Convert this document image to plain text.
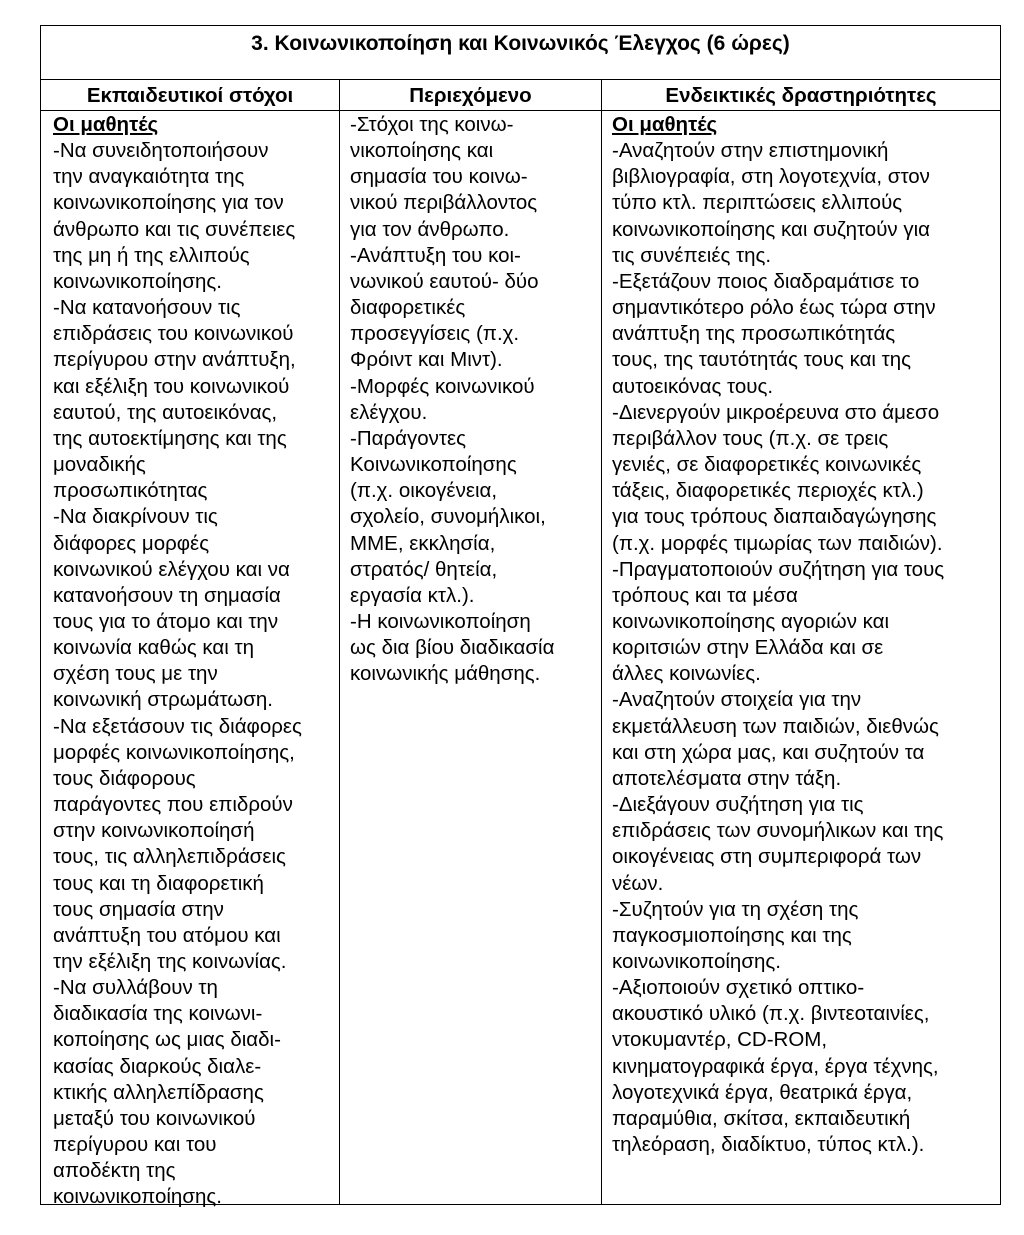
3. Κοινωνικοποίηση και Κοινωνικός Έλεγχος (6 ώρες)
Εκπαιδευτικοί στόχοι
Οι μαθητές
-Να συνειδητοποιήσουν
την αναγκαιότητα της
κοινωνικοποίησης για τον
άνθρωπο και τις συνέπειες
της μη ή της ελλιπούς
κοινωνικοποίησης.
-Να κατανοήσουν τις
επιδράσεις του κοινωνικού
περίγυρου στην ανάπτυξη,
και εξέλιξη του κοινωνικού
εαυτού, της αυτοεικόνας,
της αυτοεκτίμησης και της
μοναδικής
προσωπικότητας
-Να διακρίνουν τις
διάφορες μορφές
κοινωνικού ελέγχου και να
κατανοήσουν τη σημασία
τους για το άτομο και την
κοινωνία καθώς και τη
σχέση τους με την
κοινωνική στρωμάτωση.
-Να εξετάσουν τις διάφορες
μορφές κοινωνικοποίησης,
τους διάφορους
παράγοντες που επιδρούν
στην κοινωνικοποίησή
τους, τις αλληλεπιδράσεις
τους και τη διαφορετική
τους σημασία στην
ανάπτυξη του ατόμου και
την εξέλιξη της κοινωνίας.
-Να συλλάβουν τη
διαδικασία της κοινωνι-
κοποίησης ως μιας διαδι-
κασίας διαρκούς διαλε-
κτικής αλληλεπίδρασης
μεταξύ του κοινωνικού
περίγυρου και του
αποδέκτη της
κοινωνικοποίησης.
Περιεχόμενο
-Στόχοι της κοινω-
νικοποίησης και
σημασία του κοινω-
νικού περιβάλλοντος
για τον άνθρωπο.
-Ανάπτυξη του κοι-
νωνικού εαυτού- δύο
διαφορετικές
προσεγγίσεις (π.χ.
Φρόιντ και Μιντ).
-Μορφές κοινωνικού
ελέγχου.
-Παράγοντες
Κοινωνικοποίησης
(π.χ. οικογένεια,
σχολείο, συνομήλικοι,
ΜΜΕ, εκκλησία,
στρατός/ θητεία,
εργασία κτλ.).
-Η κοινωνικοποίηση
ως δια βίου διαδικασία
κοινωνικής μάθησης.
Ενδεικτικές δραστηριότητες
Οι μαθητές
-Αναζητούν στην επιστημονική
βιβλιογραφία, στη λογοτεχνία, στον
τύπο κτλ. περιπτώσεις ελλιπούς
κοινωνικοποίησης και συζητούν για
τις συνέπειές της.
-Εξετάζουν ποιος διαδραμάτισε το
σημαντικότερο ρόλο έως τώρα στην
ανάπτυξη της προσωπικότητάς
τους, της ταυτότητάς τους και της
αυτοεικόνας τους.
-Διενεργούν μικροέρευνα στο άμεσο
περιβάλλον τους (π.χ. σε τρεις
γενιές, σε διαφορετικές κοινωνικές
τάξεις, διαφορετικές περιοχές κτλ.)
για τους τρόπους διαπαιδαγώγησης
(π.χ. μορφές τιμωρίας των παιδιών).
-Πραγματοποιούν συζήτηση για τους
τρόπους και τα μέσα
κοινωνικοποίησης αγοριών και
κοριτσιών στην Ελλάδα και σε
άλλες κοινωνίες.
-Αναζητούν στοιχεία για την
εκμετάλλευση των παιδιών, διεθνώς
και στη χώρα μας, και συζητούν τα
αποτελέσματα στην τάξη.
-Διεξάγουν συζήτηση για τις
επιδράσεις των συνομήλικων και της
οικογένειας στη συμπεριφορά των
νέων.
-Συζητούν για τη σχέση της
παγκοσμιοποίησης και της
κοινωνικοποίησης.
-Αξιοποιούν σχετικό οπτικο-
ακουστικό υλικό (π.χ. βιντεοταινίες,
ντοκυμαντέρ, CD-ROM,
κινηματογραφικά έργα, έργα τέχνης,
λογοτεχνικά έργα, θεατρικά έργα,
παραμύθια, σκίτσα, εκπαιδευτική
τηλεόραση, διαδίκτυο, τύπος κτλ.).
